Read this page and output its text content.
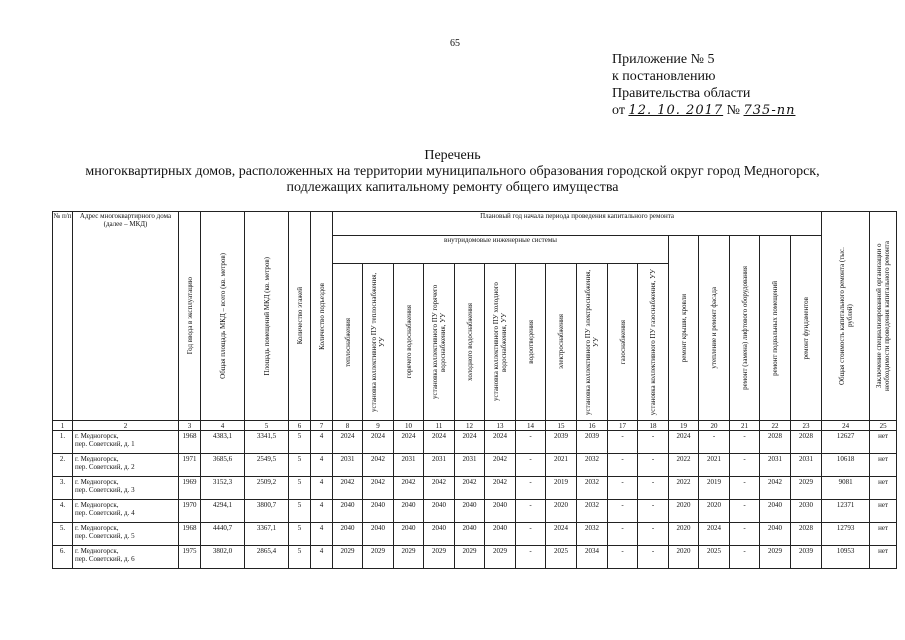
65
Приложение № 5
к постановлению
Правительства области
от 12. 10. 2017 № 735-пп
Перечень
многоквартирных домов, расположенных на территории муниципального образования городской округ город Медногорск,
подлежащих капитальному ремонту общего имущества
№ п/п	Адрес многоквартирного дома (далее – МКД)	Год ввода в эксплуатацию	Общая площадь МКД – всего (кв. метров)	Площадь помещений МКД (кв. метров)	Количество этажей	Количество подъездов	Плановый год начала периода проведения капитального ремонта																Общая стоимость капитального ремонта (тыс. рублей)	Заключение специализированной организации о необходимости проведения капитального ремонта

							внутридомовые инженерные системы											ремонт крыши, кровли	утепление и ремонт фасада	ремонт (замена) лифтового оборудования	ремонт подвальных помещений	ремонт фундаментов		

							теплоснабжения	установка коллективного ПУ теплоснабжения, УУ	горячего водоснабжения	установка коллективного ПУ горячего водоснабжения, УУ	холодного водоснабжения	установка коллективного ПУ холодного водоснабжения, УУ	водоотведения	электроснабжения	установка коллективного ПУ электроснабжения, УУ	газоснабжения	установка коллективного ПУ газоснабжения, УУ							

1	2	3	4	5	6	7	8	9	10	11	12	13	14	15	16	17	18	19	20	21	22	23	24	25
1.	г. Медногорск,
пер. Советский, д. 1	1968	4383,1	3341,5	5	4	2024	2024	2024	2024	2024	2024	-	2039	2039	-	-	2024	-	-	2028	2028	12627	нет
2.	г. Медногорск,
пер. Советский, д. 2	1971	3685,6	2549,5	5	4	2031	2042	2031	2031	2031	2042	-	2021	2032	-	-	2022	2021	-	2031	2031	10618	нет
3.	г. Медногорск,
пер. Советский, д. 3	1969	3152,3	2509,2	5	4	2042	2042	2042	2042	2042	2042	-	2019	2032	-	-	2022	2019	-	2042	2029	9081	нет
4.	г. Медногорск,
пер. Советский, д. 4	1970	4294,1	3800,7	5	4	2040	2040	2040	2040	2040	2040	-	2020	2032	-	-	2020	2020	-	2040	2030	12371	нет
5.	г. Медногорск,
пер. Советский, д. 5	1968	4440,7	3367,1	5	4	2040	2040	2040	2040	2040	2040	-	2024	2032	-	-	2020	2024	-	2040	2028	12793	нет
6.	г. Медногорск,
пер. Советский, д. 6	1975	3802,0	2865,4	5	4	2029	2029	2029	2029	2029	2029	-	2025	2034	-	-	2020	2025	-	2029	2039	10953	нет
